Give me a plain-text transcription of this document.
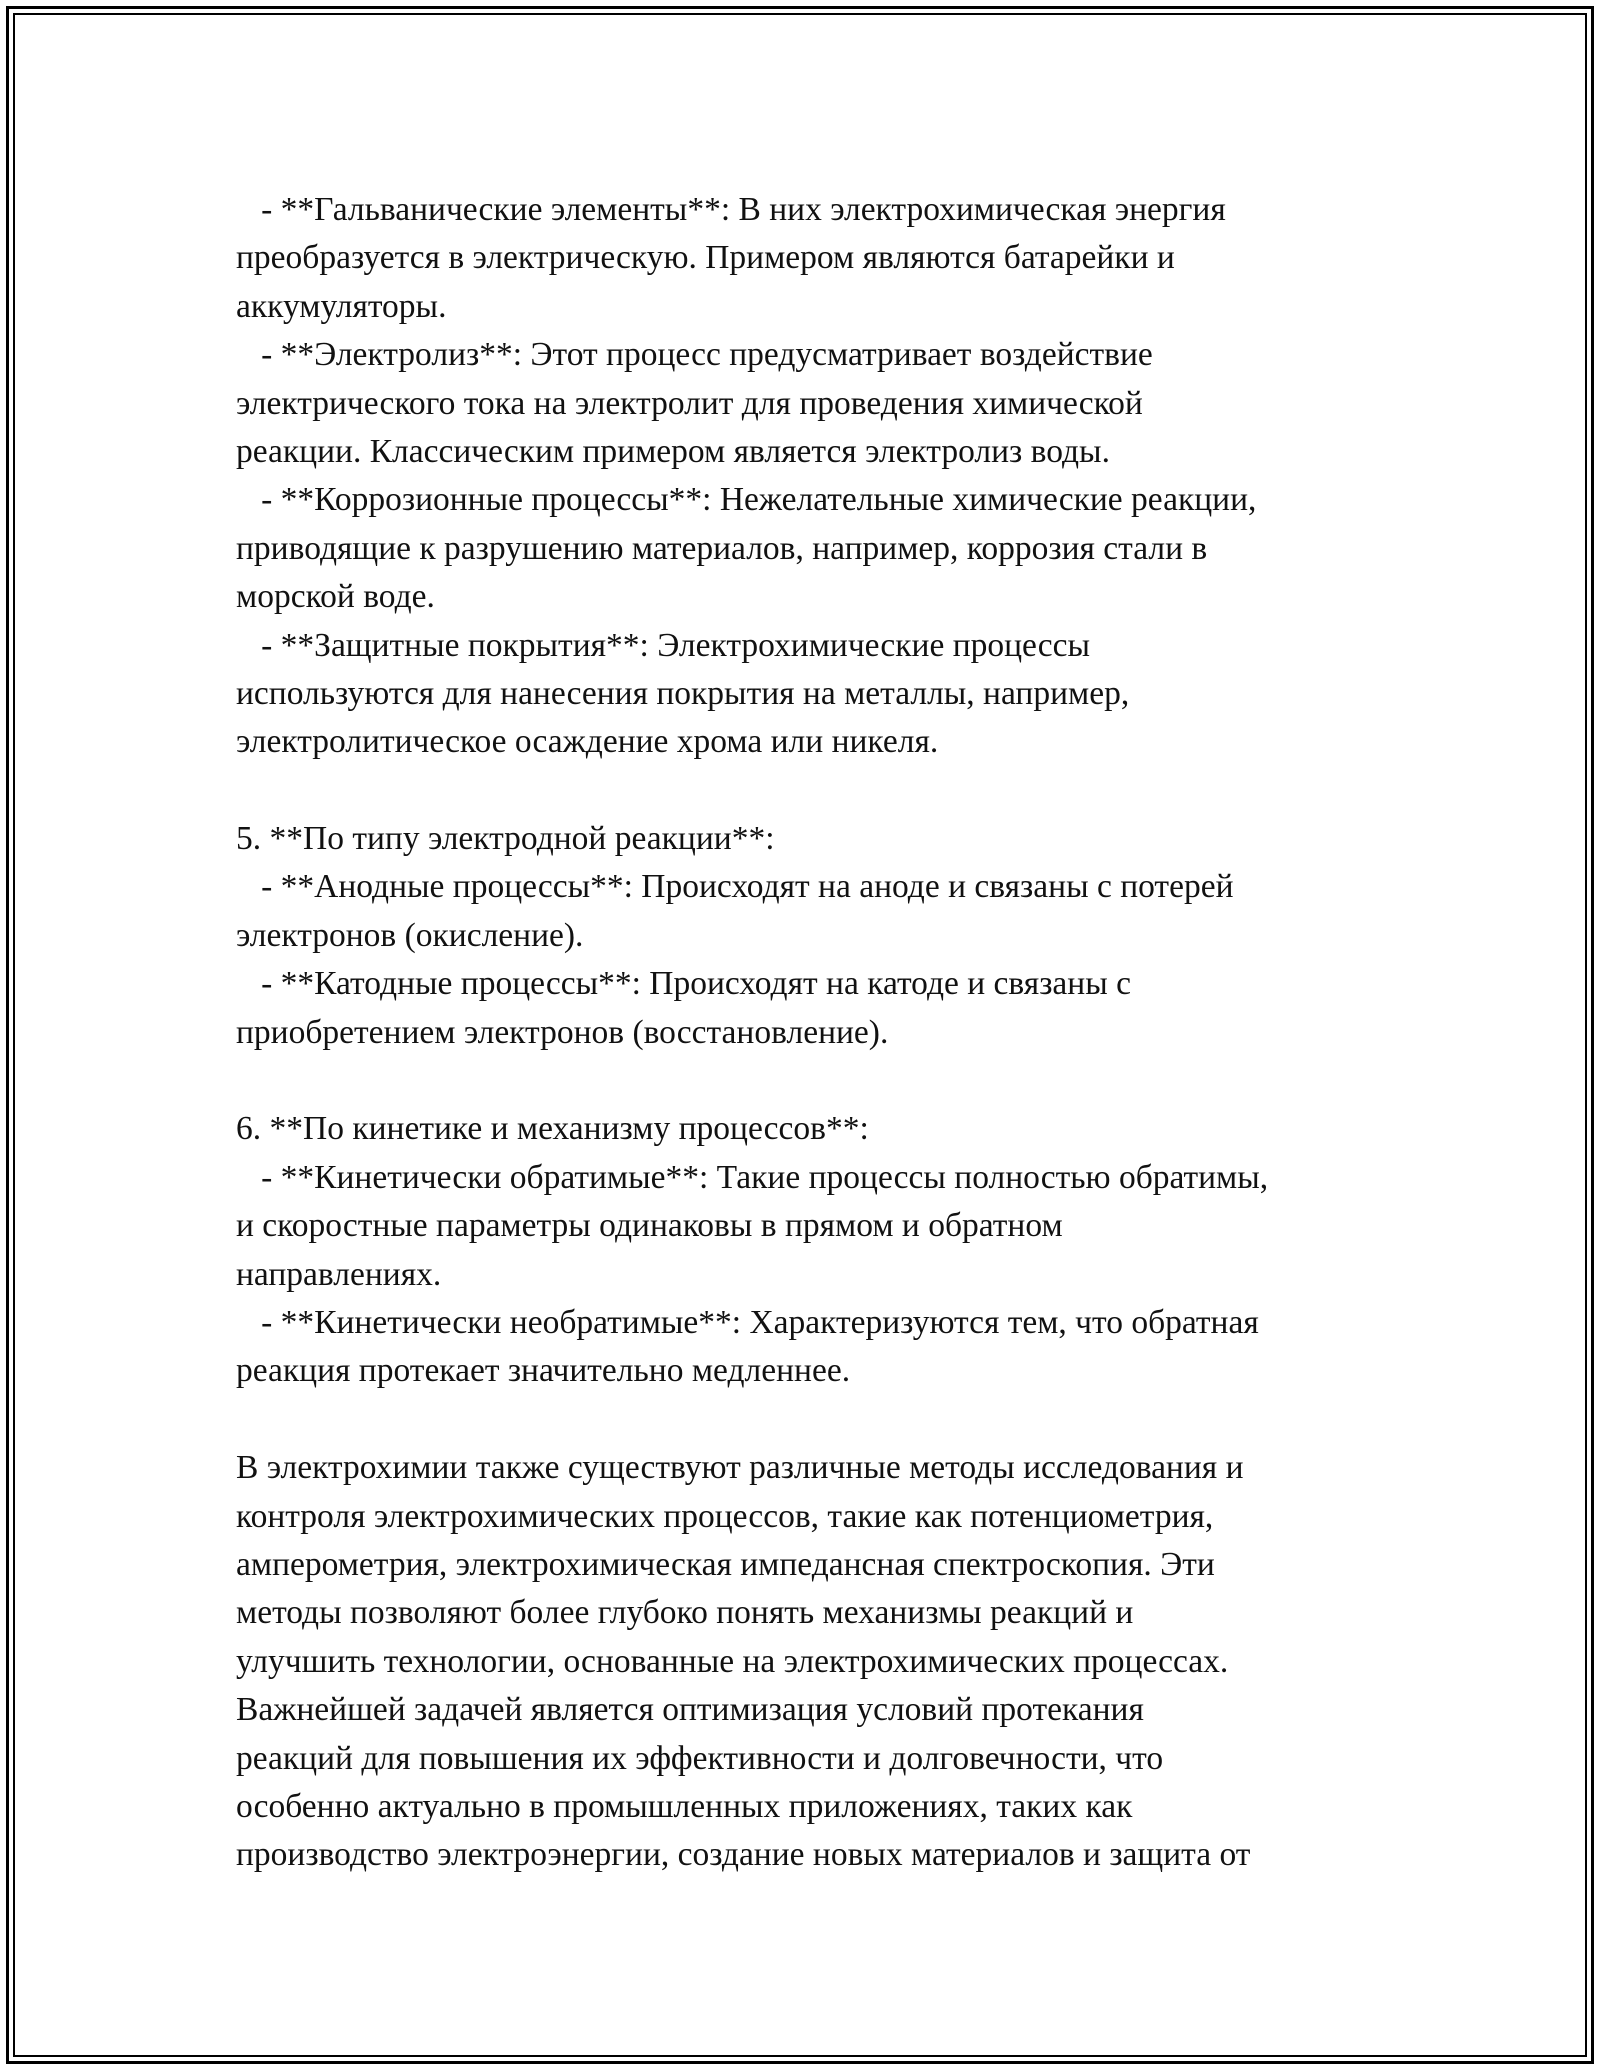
- **Гальванические элементы**: В них электрохимическая энергия
преобразуется в электрическую. Примером являются батарейки и
аккумуляторы.
- **Электролиз**: Этот процесс предусматривает воздействие
электрического тока на электролит для проведения химической
реакции. Классическим примером является электролиз воды.
- **Коррозионные процессы**: Нежелательные химические реакции,
приводящие к разрушению материалов, например, коррозия стали в
морской воде.
- **Защитные покрытия**: Электрохимические процессы
используются для нанесения покрытия на металлы, например,
электролитическое осаждение хрома или никеля.
5. **По типу электродной реакции**:
- **Анодные процессы**: Происходят на аноде и связаны с потерей
электронов (окисление).
- **Катодные процессы**: Происходят на катоде и связаны с
приобретением электронов (восстановление).
6. **По кинетике и механизму процессов**:
- **Кинетически обратимые**: Такие процессы полностью обратимы,
и скоростные параметры одинаковы в прямом и обратном
направлениях.
- **Кинетически необратимые**: Характеризуются тем, что обратная
реакция протекает значительно медленнее.
В электрохимии также существуют различные методы исследования и
контроля электрохимических процессов, такие как потенциометрия,
амперометрия, электрохимическая импедансная спектроскопия. Эти
методы позволяют более глубоко понять механизмы реакций и
улучшить технологии, основанные на электрохимических процессах.
Важнейшей задачей является оптимизация условий протекания
реакций для повышения их эффективности и долговечности, что
особенно актуально в промышленных приложениях, таких как
производство электроэнергии, создание новых материалов и защита от
